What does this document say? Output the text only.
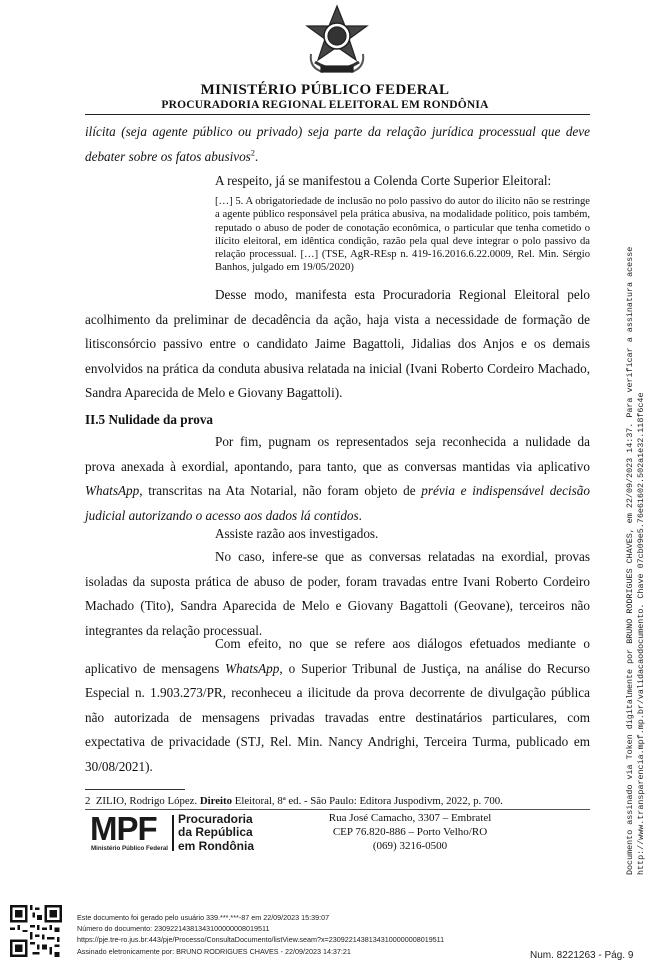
MINISTÉRIO PÚBLICO FEDERAL
PROCURADORIA REGIONAL ELEITORAL EM RONDÔNIA

ilícita (seja agente público ou privado) seja parte da relação jurídica processual que deve debater sobre os fatos abusivos$^2$.

A respeito, já se manifestou a Colenda Corte Superior Eleitoral:

[…] 5. A obrigatoriedade de inclusão no polo passivo do autor do ilícito não se restringe a agente público responsável pela prática abusiva, na modalidade político, pois também, reputado o abuso de poder de conotação econômica, o particular que tenha cometido o ilícito eleitoral, em idêntica condição, razão pela qual deve integrar o polo passivo da relação processual. […] (TSE, AgR-REsp n. 419-16.2016.6.22.0009, Rel. Min. Sérgio Banhos, julgado em 19/05/2020)

Desse modo, manifesta esta Procuradoria Regional Eleitoral pelo acolhimento da preliminar de decadência da ação, haja vista a necessidade de formação de litisconsórcio passivo entre o candidato Jaime Bagattoli, Jidalias dos Anjos e os demais envolvidos na prática da conduta abusiva relatada na inicial (Ivani Roberto Cordeiro Machado, Sandra Aparecida de Melo e Giovany Bagattoli).

II.5 Nulidade da prova

Por fim, pugnam os representados seja reconhecida a nulidade da prova anexada à exordial, apontando, para tanto, que as conversas mantidas via aplicativo WhatsApp, transcritas na Ata Notarial, não foram objeto de prévia e indispensável decisão judicial autorizando o acesso aos dados lá contidos.

Assiste razão aos investigados.

No caso, infere-se que as conversas relatadas na exordial, provas isoladas da suposta prática de abuso de poder, foram travadas entre Ivani Roberto Cordeiro Machado (Tito), Sandra Aparecida de Melo e Giovany Bagattoli (Geovane), terceiros não integrantes da relação processual.

Com efeito, no que se refere aos diálogos efetuados mediante o aplicativo de mensagens WhatsApp, o Superior Tribunal de Justiça, na análise do Recurso Especial n. 1.903.273/PR, reconheceu a ilicitude da prova decorrente de divulgação pública não autorizada de mensagens privadas travadas entre destinatários particulares, com expectativa de privacidade (STJ, Rel. Min. Nancy Andrighi, Terceira Turma, publicado em 30/08/2021).

2 ZILIO, Rodrigo López. Direito Eleitoral, 8ª ed. - São Paulo: Editora Juspodivm, 2022, p. 700.
MPF
Ministério Público Federal
Procuradoria
da República
em Rondônia
Rua José Camacho, 3307 – Embratel
CEP 76.820-886 – Porto Velho/RO
(069) 3216-0500	Documento assinado via Token digitalmente por BRUNO RODRIGUES CHAVES, em 22/09/2023 14:37. Para verificar a assinatura acesse http://www.transparencia.mpf.mp.br/validacaodocumento. Chave 07cb09e5.76e61602.502a1e32.118f6c4e
Este documento foi gerado pelo usuário 339.***.***-87 em 22/09/2023 15:39:07
Número do documento: 23092214381343100000008019511
https://pje.tre-ro.jus.br:443/pje/Processo/ConsultaDocumento/listView.seam?x=23092214381343100000008019511
Assinado eletronicamente por: BRUNO RODRIGUES CHAVES - 22/09/2023 14:37:21	Num. 8221263 - Pág. 9
